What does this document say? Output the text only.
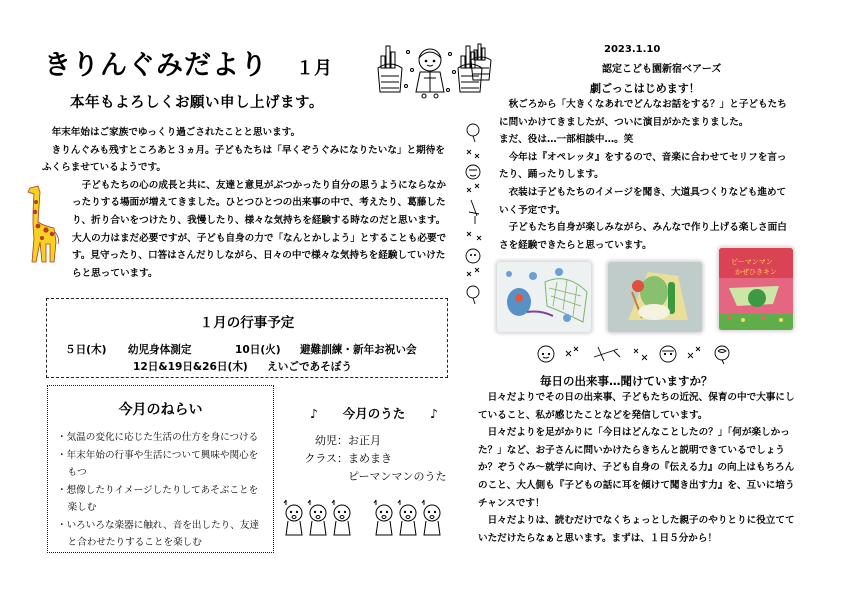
きりんぐみだより １月
本年もよろしくお願い申し上げます。

年末年始はご家族でゆっくり過ごされたことと思います。

きりんぐみも残すところあと３ヵ月。子どもたちは「早くぞうぐみになりたいな」と期待をふくらませているようです。

子どもたちの心の成長と共に、友達と意見がぶつかったり自分の思うようにならなかったりする場面が増えてきました。ひとつひとつの出来事の中で、考えたり、葛藤したり、折り合いをつけたり、我慢したり、様々な気持ちを経験する時なのだと思います。大人の力はまだ必要ですが、子ども自身の力で「なんとかしよう」とすることも必要です。見守ったり、口答はさんだりしながら、日々の中で様々な気持ちを経験していけたらと思っています。

１月の行事予定
５日(木) 幼児身体測定	10日(火) 避難訓練・新年お祝い会
12日&19日&26日(木) えいごであそぼう
今月のねらい
・ 気温の変化に応じた生活の仕方を身につける
・ 年末年始の行事や生活について興味や関心をもつ
・ 想像したりイメージしたりしてあそぶことを楽しむ
・ いろいろな楽器に触れ、音を出したり、友達と合わせたりすることを楽しむ
♪ 今月のうた ♪
幼児： お正月
クラス： まめまき
ピーマンマンのうた
2023.1.10
認定こども園新宿ベアーズ
劇ごっこはじめます！

秋ごろから「大きくなあれでどんなお話をする？」と子どもたちに問いかけてきましたが、ついに演目がかたまりました。

まだ、役は…一部相談中…。笑

今年は『オペレッタ』をするので、音楽に合わせてセリフを言ったり、踊ったりします。

衣装は子どもたちのイメージを聞き、大道具つくりなども進めていく予定です。

子どもたち自身が楽しみながら、みんなで作り上げる楽しさ面白さを経験できたらと思っています。

ピーマンマン
かぜひきキン
毎日の出来事…聞けていますか？

日々だよりでその日の出来事、子どもたちの近況、保育の中で大事にしていること、私が感じたことなどを発信しています。

日々だよりを足がかりに「今日はどんなことしたの？」「何が楽しかった？」など、お子さんに問いかけたらきちんと説明できているでしょうか？ぞうぐみ～就学に向け、子ども自身の『伝える力』の向上はもちろんのこと、大人側も『子どもの話に耳を傾けて聞き出す力』を、互いに培うチャンスです！

日々だよりは、読むだけでなくちょっとした親子のやりとりに役立てていただけたらなぁと思います。まずは、１日５分から！
